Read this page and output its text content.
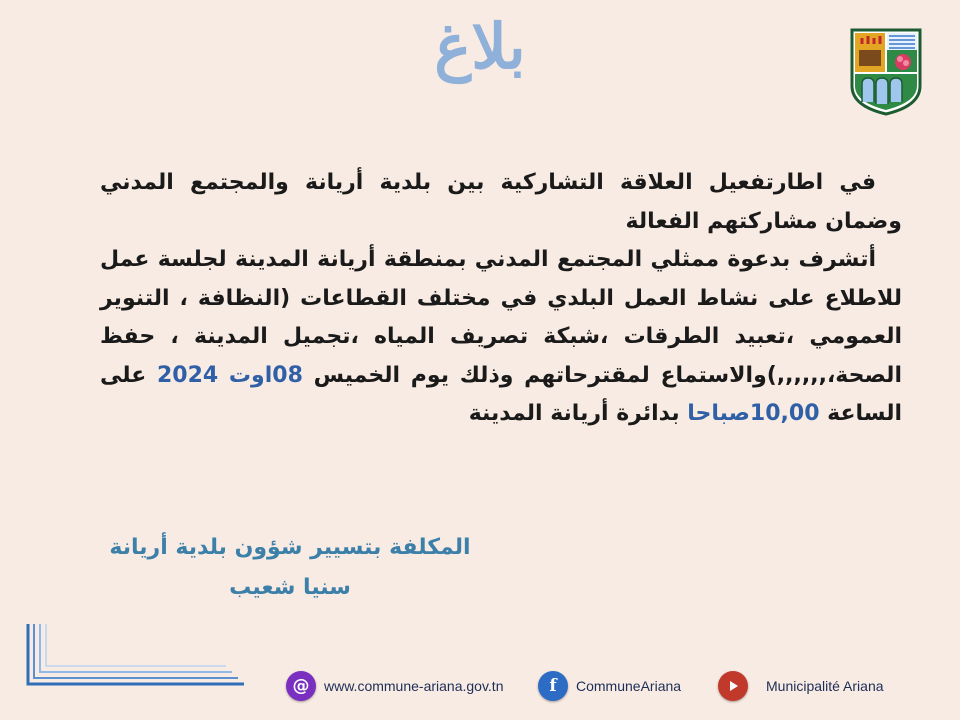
بلاغ

في اطارتفعيل العلاقة التشاركية بين بلدية أريانة والمجتمع المدني وضمان مشاركتهم الفعالة

أتشرف بدعوة ممثلي المجتمع المدني بمنطقة أريانة المدينة لجلسة عمل للاطلاع على نشاط العمل البلدي في مختلف القطاعات (النظافة ، التنوير العمومي ،تعبيد الطرقات ،شبكة تصريف المياه ،تجميل المدينة ، حفظ الصحة،,,,,,,)والاستماع لمقترحاتهم وذلك يوم الخميس 08اوت 2024 على الساعة 10,00صباحا بدائرة أريانة المدينة

المكلفة بتسيير شؤون بلدية أريانة
سنيا شعيب
@	www.commune-ariana.gov.tn	f	CommuneAriana	Municipalité Ariana
